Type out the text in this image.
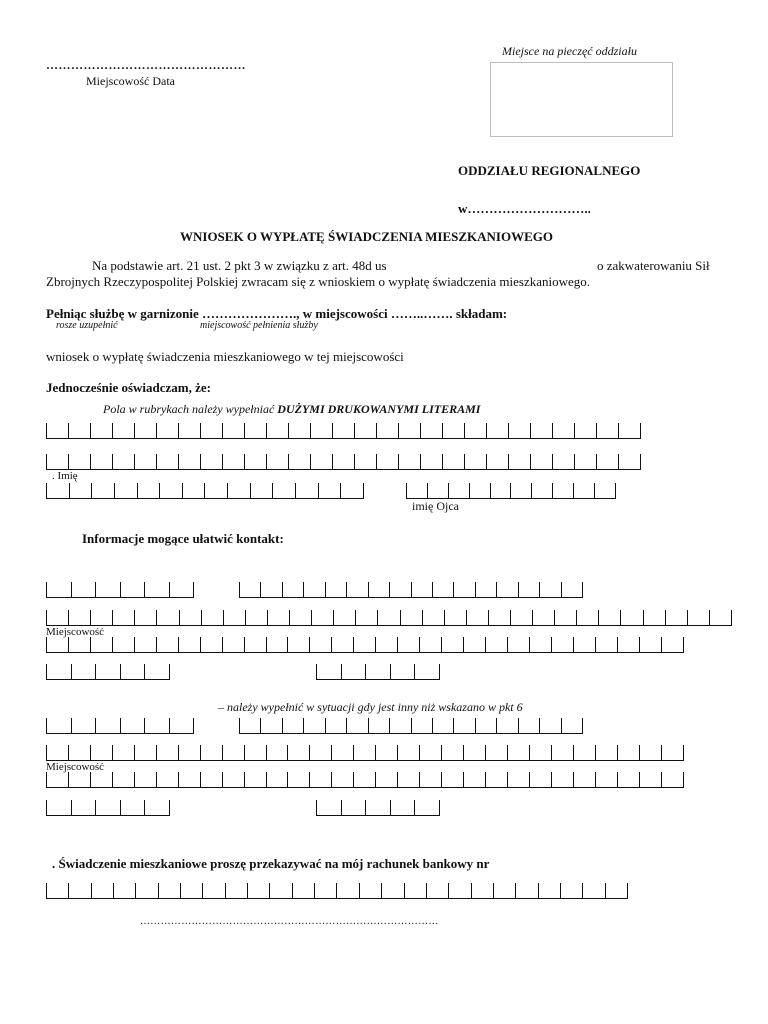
…………………………………………
Miejscowość Data
Miejsce na pieczęć oddziału
ODDZIAŁU REGIONALNEGO
w………………………..
WNIOSEK O WYPŁATĘ ŚWIADCZENIA MIESZKANIOWEGO
Na podstawie art. 21 ust. 2 pkt 3 w związku z art. 48d us	o zakwaterowaniu Sił
Zbrojnych Rzeczypospolitej Polskiej zwracam się z wnioskiem o wypłatę świadczenia mieszkaniowego.
Pełniąc służbę w garnizonie …………………., w miejscowości ……..……. składam:
rosze uzupełnić	miejscowość pełnienia służby
wniosek o wypłatę świadczenia mieszkaniowego w tej miejscowości
Jednocześnie oświadczam, że:
Pola w rubrykach należy wypełniać DUŻYMI DRUKOWANYMI LITERAMI
. Imię
imię Ojca
Informacje mogące ułatwić kontakt:
Miejscowość
– należy wypełnić w sytuacji gdy jest inny niż wskazano w pkt 6
Miejscowość
. Świadczenie mieszkaniowe proszę przekazywać na mój rachunek bankowy nr
……………………………………………………………………………
